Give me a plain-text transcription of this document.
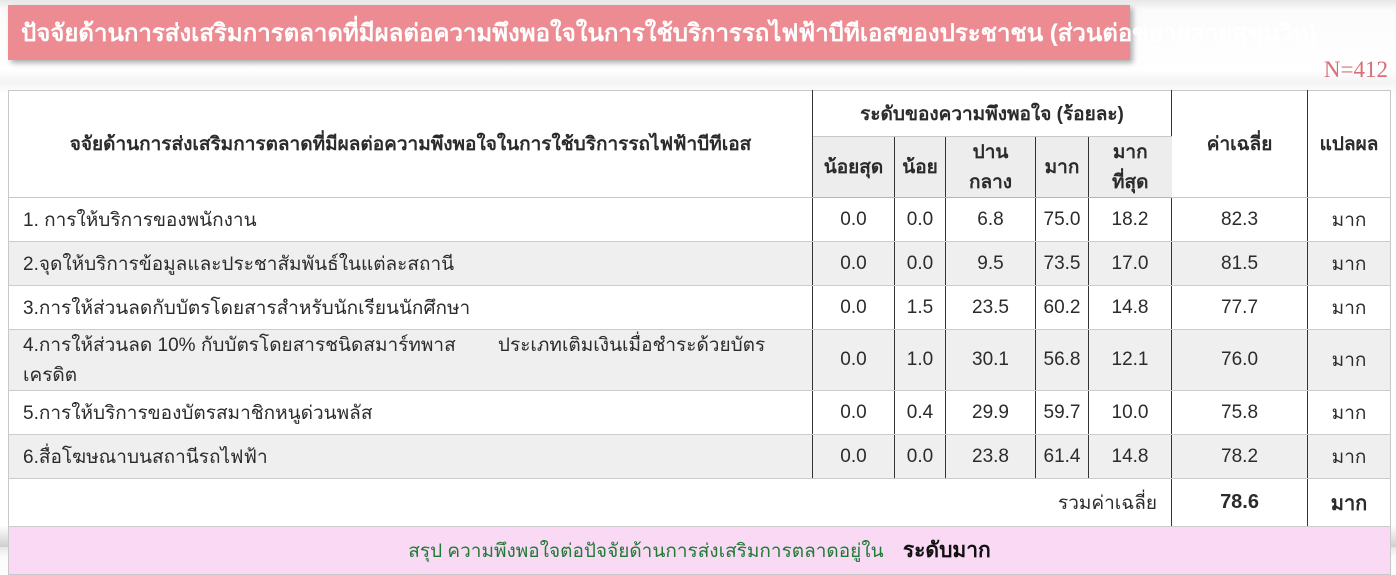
ปัจจัยด้านการส่งเสริมการตลาดที่มีผลต่อความพึงพอใจในการใช้บริการรถไฟฟ้าบีทีเอสของประชาชน (ส่วนต่อขยายสายสุขุมวิท)
N=412
จจัยด้านการส่งเสริมการตลาดที่มีผลต่อความพึงพอใจในการใช้บริการรถไฟฟ้าบีทีเอส	ระดับของความพึงพอใจ (ร้อยละ)					ค่าเฉลี่ย	แปลผล
	น้อยสุด	น้อย	ปานกลาง	มาก	มากที่สุด		
1. การให้บริการของพนักงาน	0.0	0.0	6.8	75.0	18.2	82.3	มาก
2.จุดให้บริการข้อมูลและประชาสัมพันธ์ในแต่ละสถานี	0.0	0.0	9.5	73.5	17.0	81.5	มาก
3.การให้ส่วนลดกับบัตรโดยสารสำหรับนักเรียนนักศึกษา	0.0	1.5	23.5	60.2	14.8	77.7	มาก
4.การให้ส่วนลด 10% กับบัตรโดยสารชนิดสมาร์ทพาส        ประเภทเติมเงินเมื่อชำระด้วยบัตรเครดิต	0.0	1.0	30.1	56.8	12.1	76.0	มาก
5.การให้บริการของบัตรสมาชิกหนูด่วนพลัส	0.0	0.4	29.9	59.7	10.0	75.8	มาก
6.สื่อโฆษณาบนสถานีรถไฟฟ้า	0.0	0.0	23.8	61.4	14.8	78.2	มาก
รวมค่าเฉลี่ย						78.6	มาก
สรุป ความพึงพอใจต่อปัจจัยด้านการส่งเสริมการตลาดอยู่ใน ระดับมาก							
